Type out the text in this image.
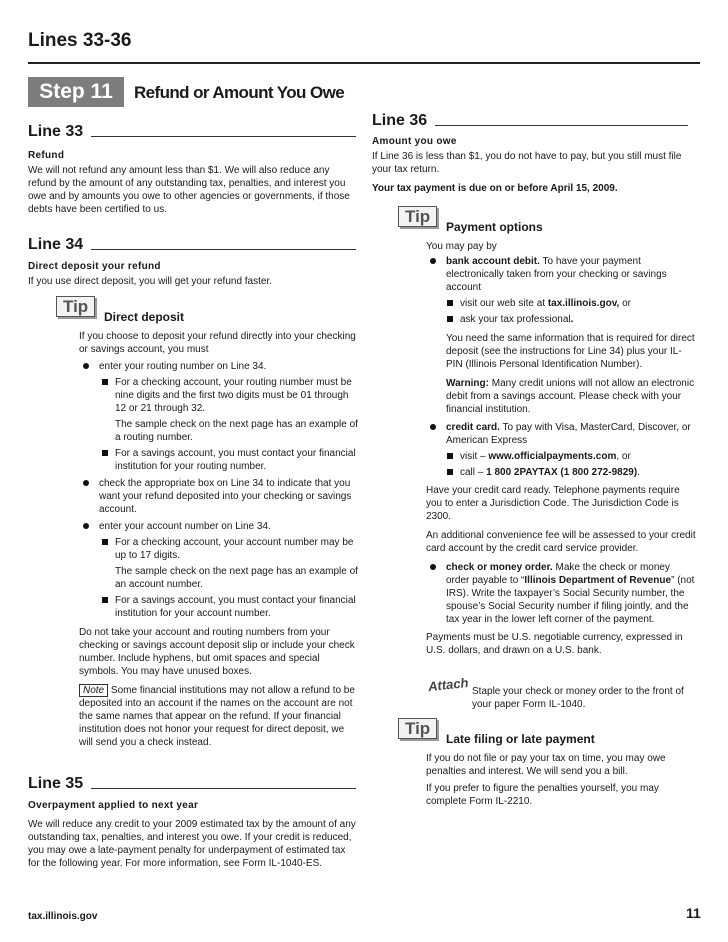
Lines 33-36
Step 11	Refund or Amount You Owe
Line 33
Refund

We will not refund any amount less than $1. We will also reduce any refund by the amount of any outstanding tax, penalties, and interest you owe and by amounts you owe to other agencies or governments, if those debts have been certified to us.

Line 34
Direct deposit your refund

If you use direct deposit, you will get your refund faster.

Tip
Direct deposit

If you choose to deposit your refund directly into your checking or savings account, you must

enter your routing number on Line 34.
For a checking account, your routing number must be nine digits and the first two digits must be 01 through 12 or 21 through 32.

The sample check on the next page has an example of a routing number.

For a savings account, you must contact your financial institution for your routing number.
check the appropriate box on Line 34 to indicate that you want your refund deposited into your checking or savings account.
enter your account number on Line 34.
For a checking account, your account number may be up to 17 digits.

The sample check on the next page has an example of an account number.

For a savings account, you must contact your financial institution for your account number.

Do not take your account and routing numbers from your checking or savings account deposit slip or include your check number. Include hyphens, but omit spaces and special symbols. You may have unused boxes.

Note Some financial institutions may not allow a refund to be deposited into an account if the names on the account are not the same names that appear on the refund. If your financial institution does not honor your request for direct deposit, we will send you a check instead.

Line 35
Overpayment applied to next year

We will reduce any credit to your 2009 estimated tax by the amount of any outstanding tax, penalties, and interest you owe. If your credit is reduced, you may owe a late-payment penalty for underpayment of estimated tax for the following year. For more information, see Form IL-1040-ES.

Line 36
Amount you owe

If Line 36 is less than $1, you do not have to pay, but you still must file your tax return.

Your tax payment is due on or before April 15, 2009.

Tip
Payment options

You may pay by

bank account debit. To have your payment electronically taken from your checking or savings account
visit our web site at tax.illinois.gov, or
ask your tax professional.

You need the same information that is required for direct deposit (see the instructions for Line 34) plus your IL-PIN (Illinois Personal Identification Number).

Warning: Many credit unions will not allow an electronic debit from a savings account. Please check with your financial institution.

credit card. To pay with Visa, MasterCard, Discover, or American Express
visit – www.officialpayments.com, or
call – 1 800 2PAYTAX (1 800 272-9829).

Have your credit card ready. Telephone payments require you to enter a Jurisdiction Code. The Jurisdiction Code is 2300.

An additional convenience fee will be assessed to your credit card account by the credit card service provider.

check or money order. Make the check or money order payable to “Illinois Department of Revenue” (not IRS). Write the taxpayer’s Social Security number, the spouse’s Social Security number if filing jointly, and the tax year in the lower left corner of the payment.

Payments must be U.S. negotiable currency, expressed in U.S. dollars, and drawn on a U.S. bank.

Attach Staple your check or money order to the front of your paper Form IL-1040.

Tip
Late filing or late payment

If you do not file or pay your tax on time, you may owe penalties and interest. We will send you a bill.

If you prefer to figure the penalties yourself, you may complete Form IL-2210.

tax.illinois.gov	11
